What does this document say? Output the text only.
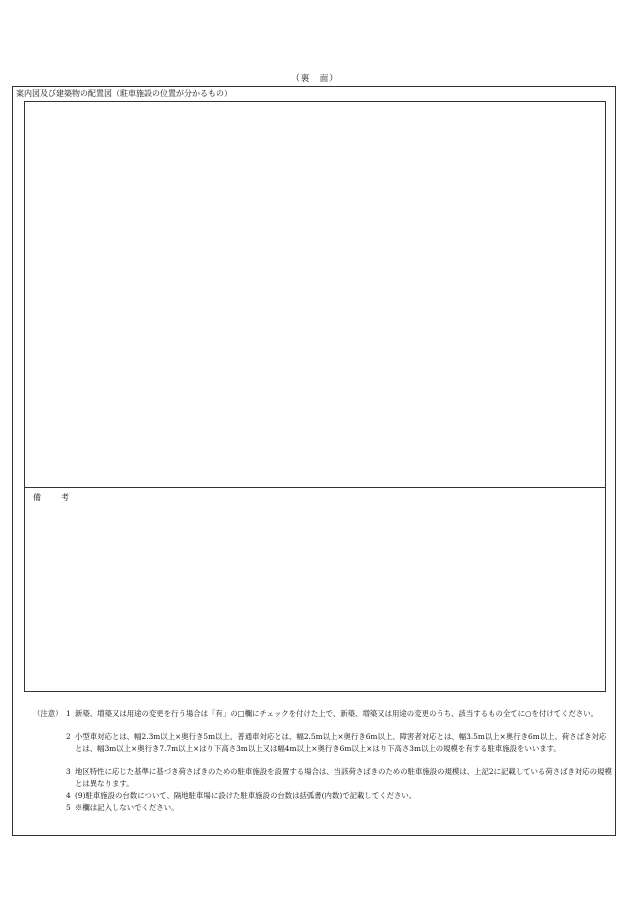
（裏　面）
案内図及び建築物の配置図（駐車施設の位置が分かるもの）
備　考
（注意） 1 新築、増築又は用途の変更を行う場合は「有」の□欄にチェックを付けた上で、新築、増築又は用途の変更のうち、該当するもの全てに○を付けてください。
2 小型車対応とは、幅2.3m以上×奥行き5m以上、普通車対応とは、幅2.5m以上×奥行き6m以上、障害者対応とは、幅3.5m以上×奥行き6m以上、荷さばき対応とは、幅3m以上×奥行き7.7m以上×はり下高さ3m以上又は幅4m以上×奥行き6m以上×はり下高さ3m以上の規模を有する駐車施設をいいます。
3 地区特性に応じた基準に基づき荷さばきのための駐車施設を設置する場合は、当該荷さばきのための駐車施設の規模は、上記2に記載している荷さばき対応の規模とは異なります。
4 (9)駐車施設の台数について、隔地駐車場に設けた駐車施設の台数は括弧書(内数)で記載してください。
5 ※欄は記入しないでください。
